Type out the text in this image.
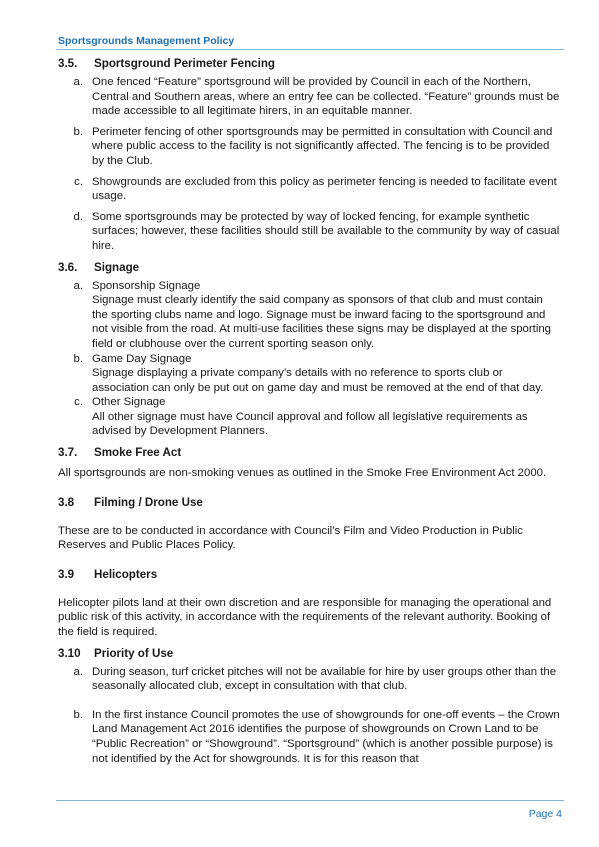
Sportsgrounds Management Policy
3.5.	Sportsground Perimeter Fencing
a. One fenced “Feature” sportsground will be provided by Council in each of the Northern, Central and Southern areas, where an entry fee can be collected. “Feature” grounds must be made accessible to all legitimate hirers, in an equitable manner.
b. Perimeter fencing of other sportsgrounds may be permitted in consultation with Council and where public access to the facility is not significantly affected. The fencing is to be provided by the Club.
c. Showgrounds are excluded from this policy as perimeter fencing is needed to facilitate event usage.
d. Some sportsgrounds may be protected by way of locked fencing, for example synthetic surfaces; however, these facilities should still be available to the community by way of casual hire.
3.6.	Signage
a. Sponsorship Signage
Signage must clearly identify the said company as sponsors of that club and must contain the sporting clubs name and logo. Signage must be inward facing to the sportsground and not visible from the road. At multi-use facilities these signs may be displayed at the sporting field or clubhouse over the current sporting season only.
b. Game Day Signage
Signage displaying a private company’s details with no reference to sports club or association can only be put out on game day and must be removed at the end of that day.
c. Other Signage
All other signage must have Council approval and follow all legislative requirements as advised by Development Planners.
3.7.	Smoke Free Act
All sportsgrounds are non-smoking venues as outlined in the Smoke Free Environment Act 2000.
3.8	Filming / Drone Use
These are to be conducted in accordance with Council’s Film and Video Production in Public Reserves and Public Places Policy.
3.9	Helicopters
Helicopter pilots land at their own discretion and are responsible for managing the operational and public risk of this activity, in accordance with the requirements of the relevant authority. Booking of the field is required.
3.10	Priority of Use
a. During season, turf cricket pitches will not be available for hire by user groups other than the seasonally allocated club, except in consultation with that club.
b. In the first instance Council promotes the use of showgrounds for one-off events – the Crown Land Management Act 2016 identifies the purpose of showgrounds on Crown Land to be “Public Recreation” or “Showground”. “Sportsground” (which is another possible purpose) is not identified by the Act for showgrounds. It is for this reason that
Page 4
